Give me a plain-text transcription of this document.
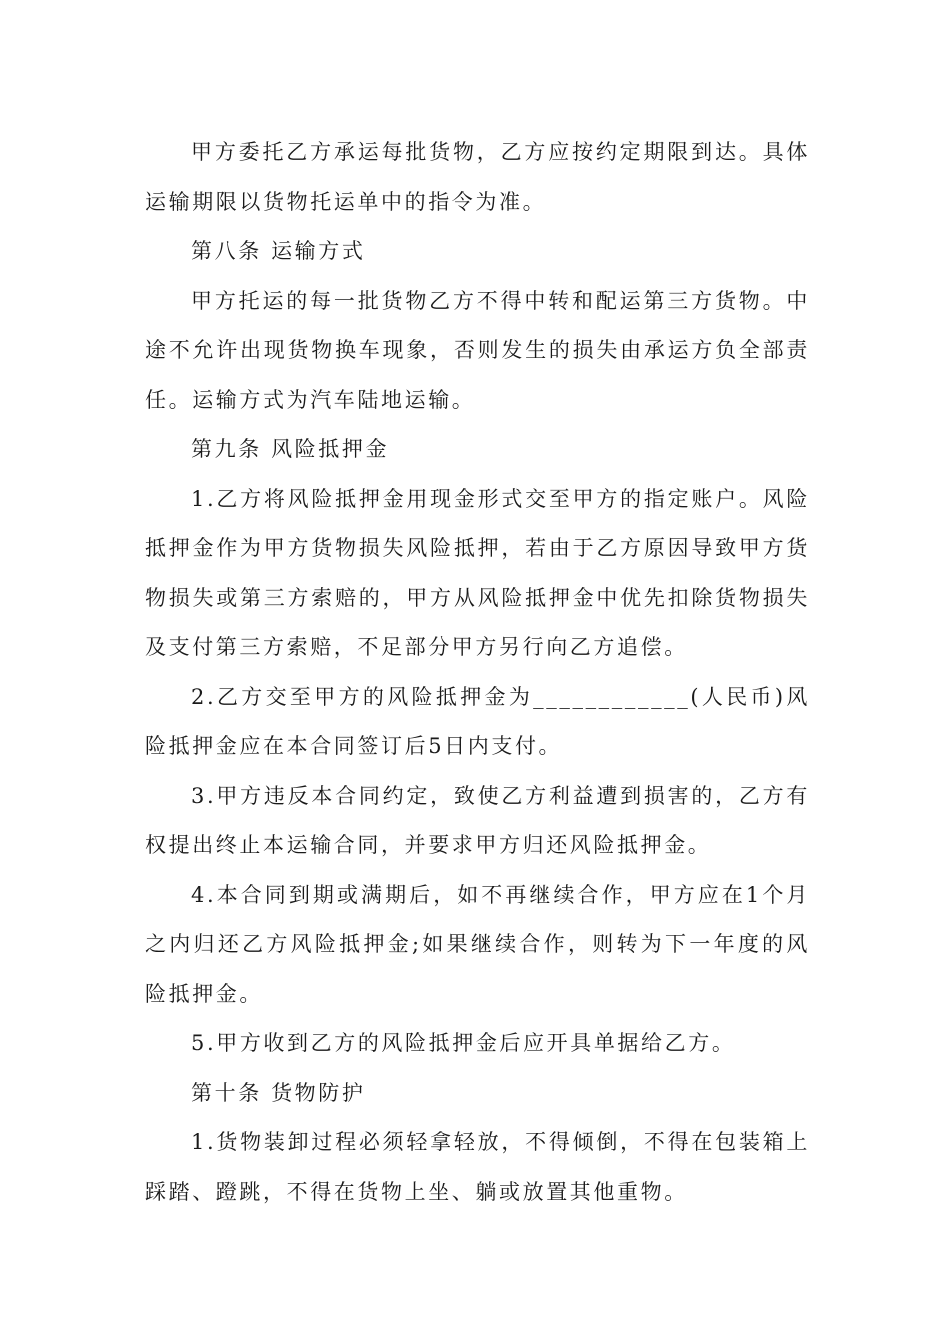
甲方委托乙方承运每批货物，乙方应按约定期限到达。具体运输期限以货物托运单中的指令为准。

第八条 运输方式

甲方托运的每一批货物乙方不得中转和配运第三方货物。中途不允许出现货物换车现象，否则发生的损失由承运方负全部责任。运输方式为汽车陆地运输。

第九条 风险抵押金

1.乙方将风险抵押金用现金形式交至甲方的指定账户。风险抵押金作为甲方货物损失风险抵押，若由于乙方原因导致甲方货物损失或第三方索赔的，甲方从风险抵押金中优先扣除货物损失及支付第三方索赔，不足部分甲方另行向乙方追偿。

2.乙方交至甲方的风险抵押金为____________(人民币)风险抵押金应在本合同签订后5日内支付。

3.甲方违反本合同约定，致使乙方利益遭到损害的，乙方有权提出终止本运输合同，并要求甲方归还风险抵押金。

4.本合同到期或满期后，如不再继续合作，甲方应在1个月之内归还乙方风险抵押金;如果继续合作，则转为下一年度的风险抵押金。

5.甲方收到乙方的风险抵押金后应开具单据给乙方。

第十条 货物防护

1.货物装卸过程必须轻拿轻放，不得倾倒，不得在包装箱上踩踏、蹬跳，不得在货物上坐、躺或放置其他重物。
